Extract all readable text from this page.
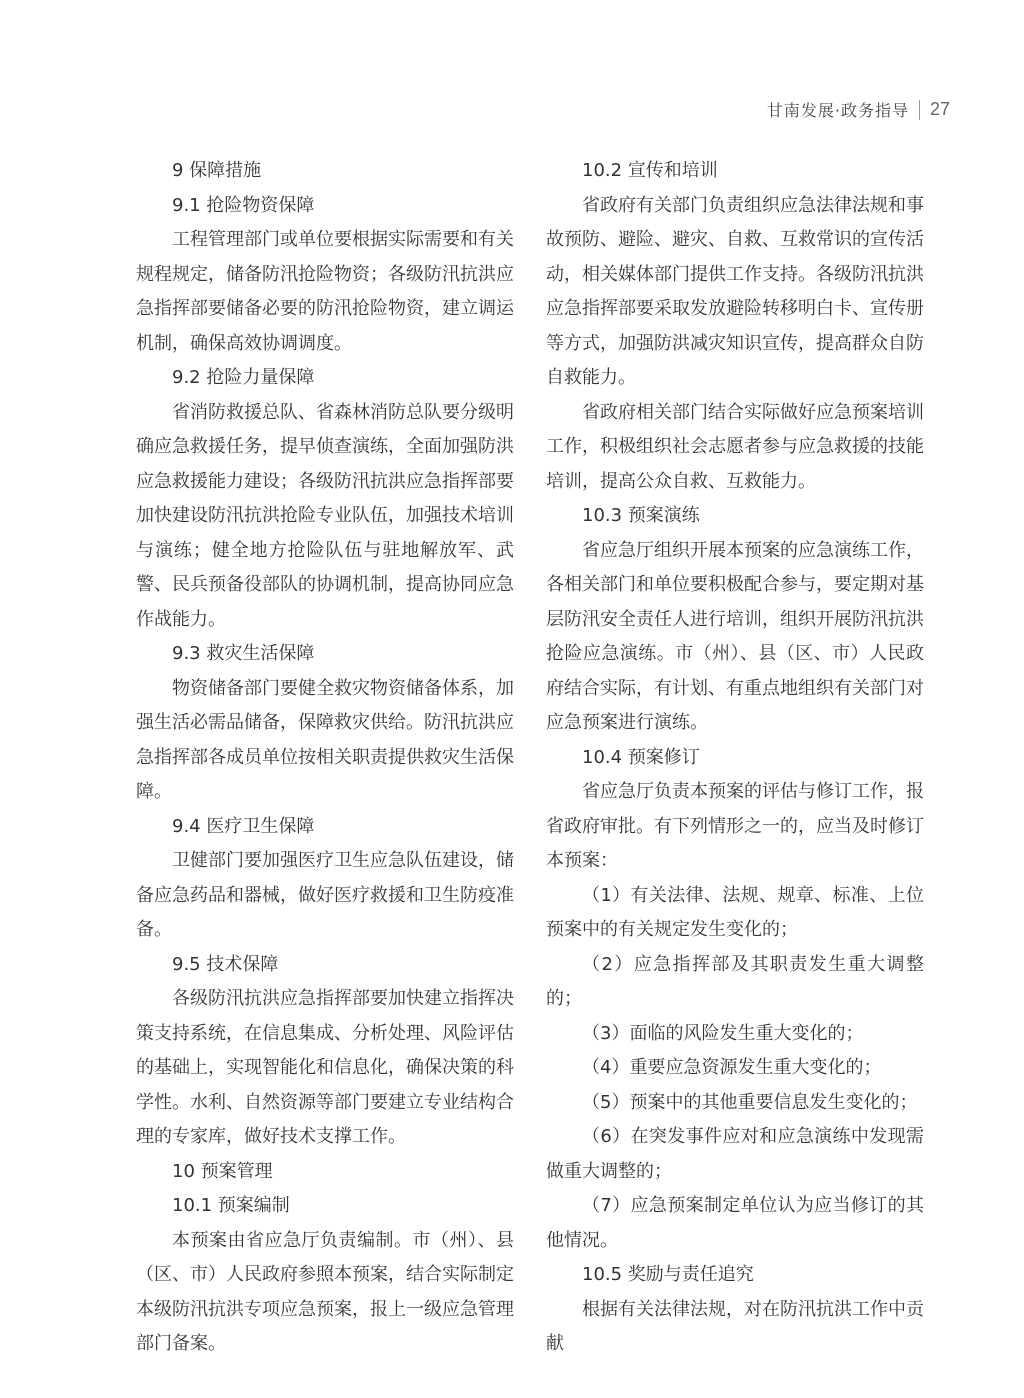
甘南发展·政务指导 27
9 保障措施
9.1 抢险物资保障

工程管理部门或单位要根据实际需要和有关规程规定，储备防汛抢险物资；各级防汛抗洪应急指挥部要储备必要的防汛抢险物资，建立调运机制，确保高效协调调度。

9.2 抢险力量保障

省消防救援总队、省森林消防总队要分级明确应急救援任务，提早侦查演练，全面加强防洪应急救援能力建设；各级防汛抗洪应急指挥部要加快建设防汛抗洪抢险专业队伍，加强技术培训与演练；健全地方抢险队伍与驻地解放军、武警、民兵预备役部队的协调机制，提高协同应急作战能力。

9.3 救灾生活保障

物资储备部门要健全救灾物资储备体系，加强生活必需品储备，保障救灾供给。防汛抗洪应急指挥部各成员单位按相关职责提供救灾生活保障。

9.4 医疗卫生保障

卫健部门要加强医疗卫生应急队伍建设，储备应急药品和器械，做好医疗救援和卫生防疫准备。

9.5 技术保障

各级防汛抗洪应急指挥部要加快建立指挥决策支持系统，在信息集成、分析处理、风险评估的基础上，实现智能化和信息化，确保决策的科学性。水利、自然资源等部门要建立专业结构合理的专家库，做好技术支撑工作。

10 预案管理
10.1 预案编制

本预案由省应急厅负责编制。市（州）、县（区、市）人民政府参照本预案，结合实际制定本级防汛抗洪专项应急预案，报上一级应急管理部门备案。

10.2 宣传和培训

省政府有关部门负责组织应急法律法规和事故预防、避险、避灾、自救、互救常识的宣传活动，相关媒体部门提供工作支持。各级防汛抗洪应急指挥部要采取发放避险转移明白卡、宣传册等方式，加强防洪减灾知识宣传，提高群众自防自救能力。

省政府相关部门结合实际做好应急预案培训工作，积极组织社会志愿者参与应急救援的技能培训，提高公众自救、互救能力。

10.3 预案演练

省应急厅组织开展本预案的应急演练工作，各相关部门和单位要积极配合参与，要定期对基层防汛安全责任人进行培训，组织开展防汛抗洪抢险应急演练。市（州）、县（区、市）人民政府结合实际，有计划、有重点地组织有关部门对应急预案进行演练。

10.4 预案修订

省应急厅负责本预案的评估与修订工作，报省政府审批。有下列情形之一的，应当及时修订本预案：

（1）有关法律、法规、规章、标准、上位预案中的有关规定发生变化的；

（2）应急指挥部及其职责发生重大调整的；

（3）面临的风险发生重大变化的；

（4）重要应急资源发生重大变化的；

（5）预案中的其他重要信息发生变化的；

（6）在突发事件应对和应急演练中发现需做重大调整的；

（7）应急预案制定单位认为应当修订的其他情况。

10.5 奖励与责任追究

根据有关法律法规，对在防汛抗洪工作中贡献
